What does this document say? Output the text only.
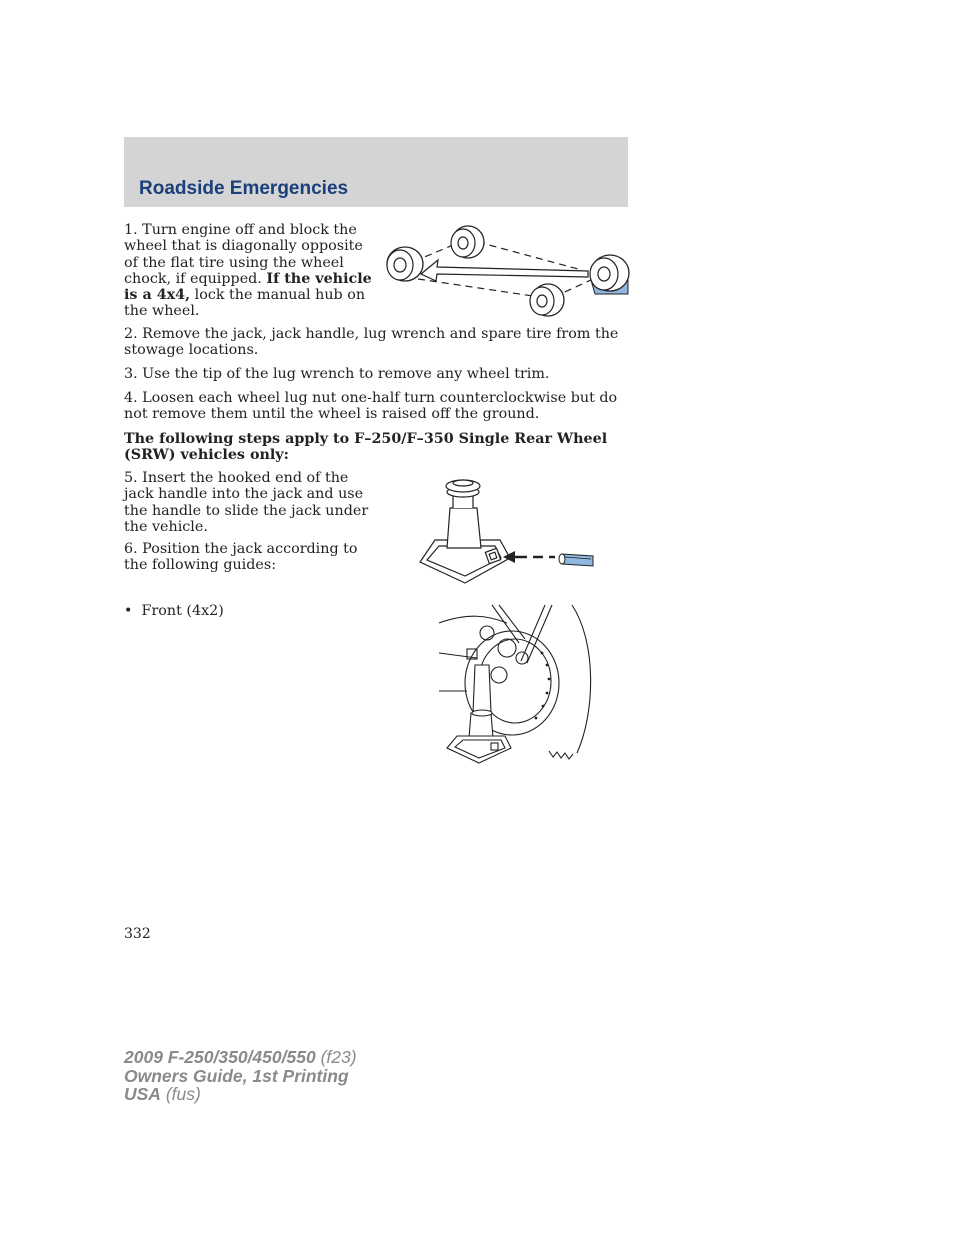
Roadside Emergencies

1. Turn engine off and block the wheel that is diagonally opposite of the flat tire using the wheel chock, if equipped. If the vehicle is a 4x4, lock the manual hub on the wheel.

2. Remove the jack, jack handle, lug wrench and spare tire from the stowage locations.

3. Use the tip of the lug wrench to remove any wheel trim.

4. Loosen each wheel lug nut one-half turn counterclockwise but do not remove them until the wheel is raised off the ground.

The following steps apply to F–250/F–350 Single Rear Wheel (SRW) vehicles only:

5. Insert the hooked end of the jack handle into the jack and use the handle to slide the jack under the vehicle.

6. Position the jack according to the following guides:

• Front (4x2)
332
2009 F-250/350/450/550 (f23)
Owners Guide, 1st Printing
USA (fus)
